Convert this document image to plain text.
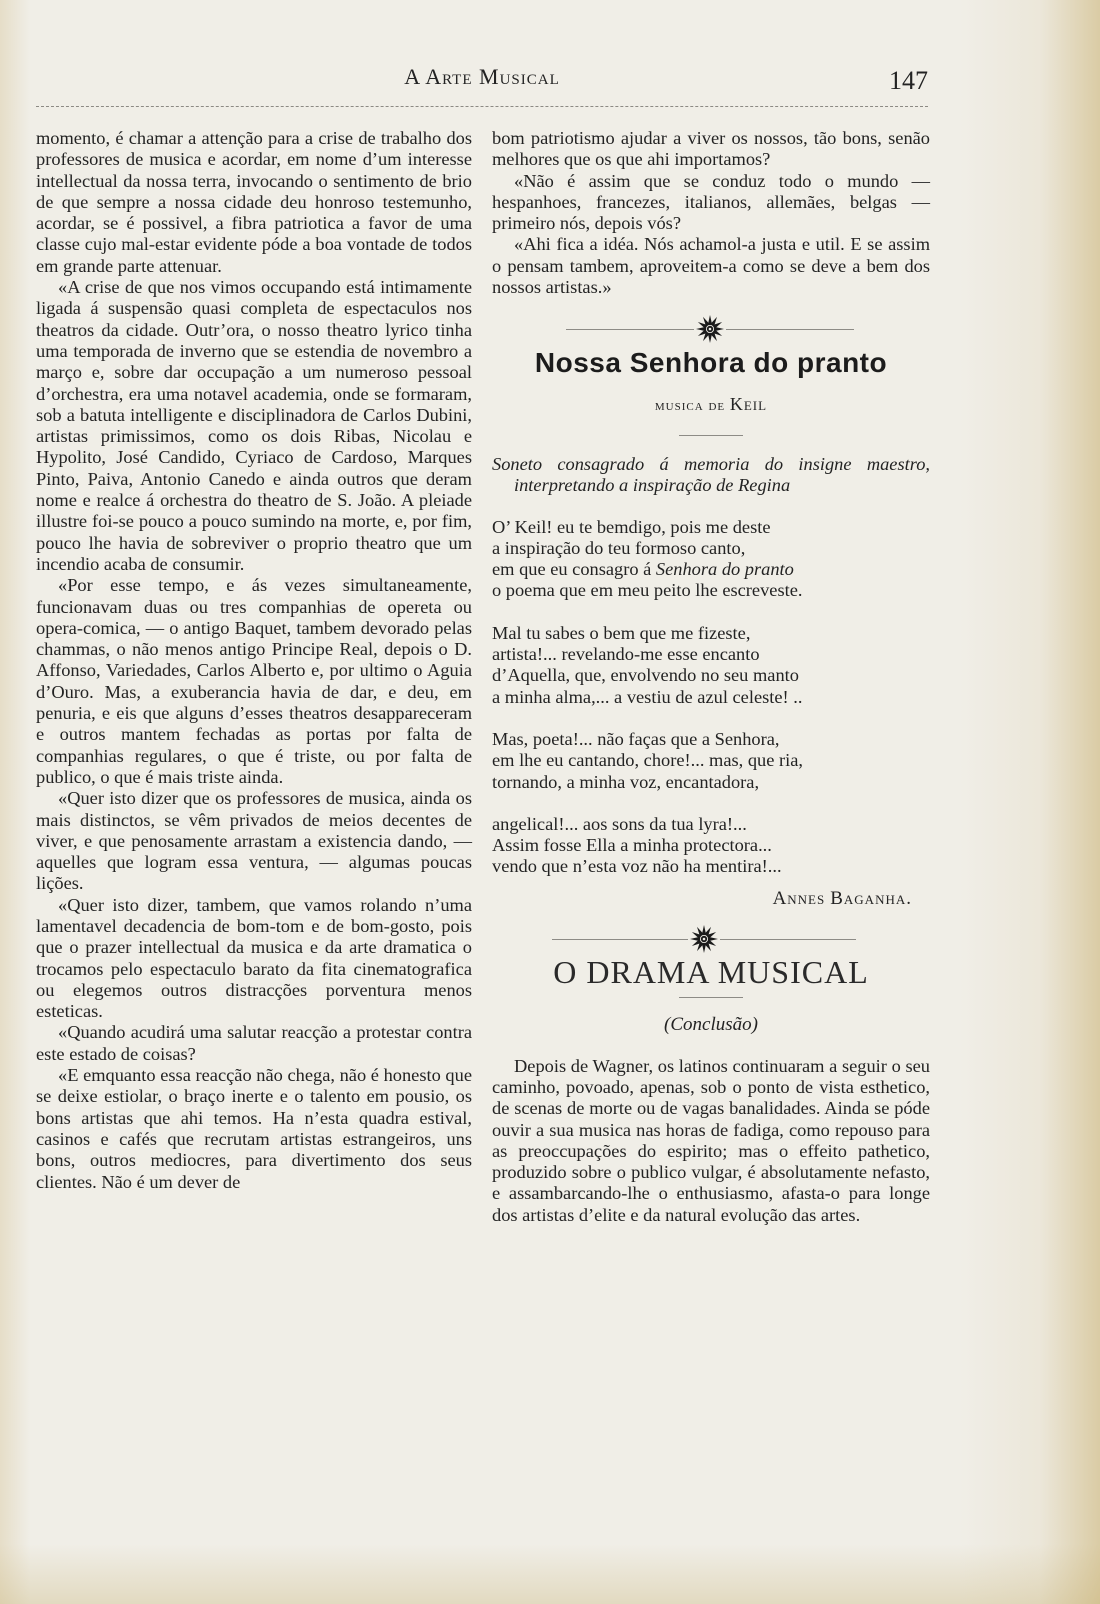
A Arte Musical	147

momento, é chamar a attenção para a crise de trabalho dos professores de musica e acordar, em nome d’um interesse intellectual da nossa terra, invocando o sentimento de brio de que sempre a nossa cidade deu honroso testemunho, acordar, se é possivel, a fibra patriotica a favor de uma classe cujo mal-estar evidente póde a boa vontade de todos em grande parte attenuar.

«A crise de que nos vimos occupando está intimamente ligada á suspensão quasi completa de espectaculos nos theatros da cidade. Outr’ora, o nosso theatro lyrico tinha uma temporada de inverno que se estendia de novembro a março e, sobre dar occupação a um numeroso pessoal d’orchestra, era uma notavel academia, onde se formaram, sob a batuta intelligente e disciplinadora de Carlos Dubini, artistas primissimos, como os dois Ribas, Nicolau e Hypolito, José Candido, Cyriaco de Cardoso, Marques Pinto, Paiva, Antonio Canedo e ainda outros que deram nome e realce á orchestra do theatro de S. João. A pleiade illustre foi-se pouco a pouco sumindo na morte, e, por fim, pouco lhe havia de sobreviver o proprio theatro que um incendio acaba de consumir.

«Por esse tempo, e ás vezes simultaneamente, funcionavam duas ou tres companhias de opereta ou opera-comica, — o antigo Baquet, tambem devorado pelas chammas, o não menos antigo Principe Real, depois o D. Affonso, Variedades, Carlos Alberto e, por ultimo o Aguia d’Ouro. Mas, a exuberancia havia de dar, e deu, em penuria, e eis que alguns d’esses theatros desappareceram e outros mantem fechadas as portas por falta de companhias regulares, o que é triste, ou por falta de publico, o que é mais triste ainda.

«Quer isto dizer que os professores de musica, ainda os mais distinctos, se vêm privados de meios decentes de viver, e que penosamente arrastam a existencia dando, — aquelles que logram essa ventura, — algumas poucas lições.

«Quer isto dizer, tambem, que vamos rolando n’uma lamentavel decadencia de bom-tom e de bom-gosto, pois que o prazer intellectual da musica e da arte dramatica o trocamos pelo espectaculo barato da fita cinematografica ou elegemos outros distracções porventura menos esteticas.

«Quando acudirá uma salutar reacção a protestar contra este estado de coisas?

«E emquanto essa reacção não chega, não é honesto que se deixe estiolar, o braço inerte e o talento em pousio, os bons artistas que ahi temos. Ha n’esta quadra estival, casinos e cafés que recrutam artistas estrangeiros, uns bons, outros mediocres, para divertimento dos seus clientes. Não é um dever de

bom patriotismo ajudar a viver os nossos, tão bons, senão melhores que os que ahi importamos?

«Não é assim que se conduz todo o mundo — hespanhoes, francezes, italianos, allemães, belgas — primeiro nós, depois vós?

«Ahi fica a idéa. Nós achamol-a justa e util. E se assim o pensam tambem, aproveitem-a como se deve a bem dos nossos artistas.»

Nossa Senhora do pranto
musica de Keil

Soneto consagrado á memoria do insigne maestro, interpretando a inspiração de Regina

O’ Keil! eu te bemdigo, pois me deste
a inspiração do teu formoso canto,
em que eu consagro á Senhora do pranto
o poema que em meu peito lhe escreveste.
Mal tu sabes o bem que me fizeste,
artista!... revelando-me esse encanto
d’Aquella, que, envolvendo no seu manto
a minha alma,... a vestiu de azul celeste! ..
Mas, poeta!... não faças que a Senhora,
em lhe eu cantando, chore!... mas, que ria,
tornando, a minha voz, encantadora,
angelical!... aos sons da tua lyra!...
Assim fosse Ella a minha protectora...
vendo que n’esta voz não ha mentira!...
Annes Baganha.
O DRAMA MUSICAL
(Conclusão)

Depois de Wagner, os latinos continuaram a seguir o seu caminho, povoado, apenas, sob o ponto de vista esthetico, de scenas de morte ou de vagas banalidades. Ainda se póde ouvir a sua musica nas horas de fadiga, como repouso para as preoccupações do espirito; mas o effeito pathetico, produzido sobre o publico vulgar, é absolutamente nefasto, e assambarcando-lhe o enthusiasmo, afasta-o para longe dos artistas d’elite e da natural evolução das artes.
